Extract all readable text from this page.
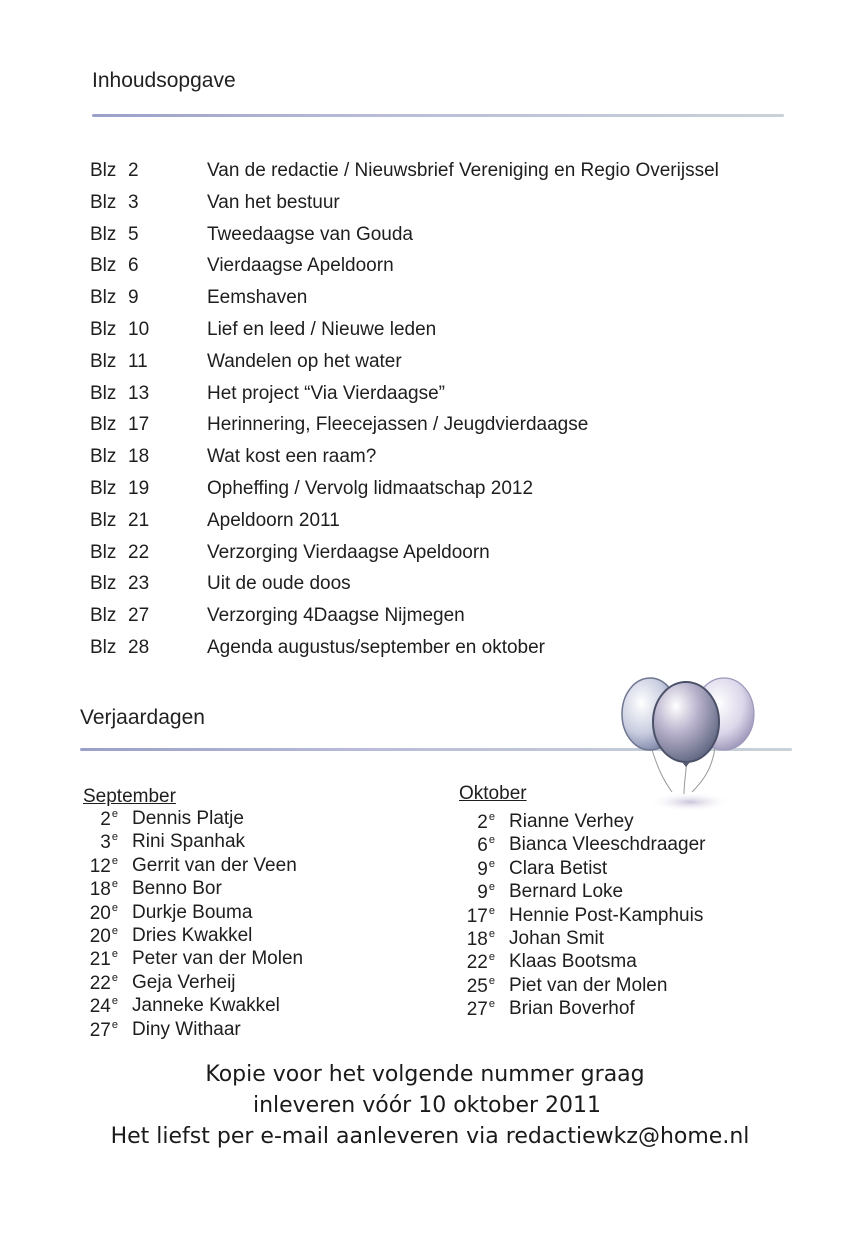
Inhoudsopgave
Blz 2	Van de redactie / Nieuwsbrief Vereniging en Regio Overijssel
Blz 3	Van het bestuur
Blz 5	Tweedaagse van Gouda
Blz 6	Vierdaagse Apeldoorn
Blz 9	Eemshaven
Blz 10	Lief en leed / Nieuwe leden
Blz 11	Wandelen op het water
Blz 13	Het project “Via Vierdaagse”
Blz 17	Herinnering, Fleecejassen / Jeugdvierdaagse
Blz 18	Wat kost een raam?
Blz 19	Opheffing / Vervolg lidmaatschap 2012
Blz 21	Apeldoorn 2011
Blz 22	Verzorging Vierdaagse Apeldoorn
Blz 23	Uit de oude doos
Blz 27	Verzorging 4Daagse Nijmegen
Blz 28	Agenda augustus/september en oktober
Verjaardagen
September	Oktober
2e Dennis Platje
3e Rini Spanhak
12e Gerrit van der Veen
18e Benno Bor
20e Durkje Bouma
20e Dries Kwakkel
21e Peter van der Molen
22e Geja Verheij
24e Janneke Kwakkel
27e Diny Withaar
2e Rianne Verhey
6e Bianca Vleeschdraager
9e Clara Betist
9e Bernard Loke
17e Hennie Post-Kamphuis
18e Johan Smit
22e Klaas Bootsma
25e Piet van der Molen
27e Brian Boverhof
Kopie voor het volgende nummer graag
inleveren vóór 10 oktober 2011
Het liefst per e-mail aanleveren via redactiewkz@home.nl
